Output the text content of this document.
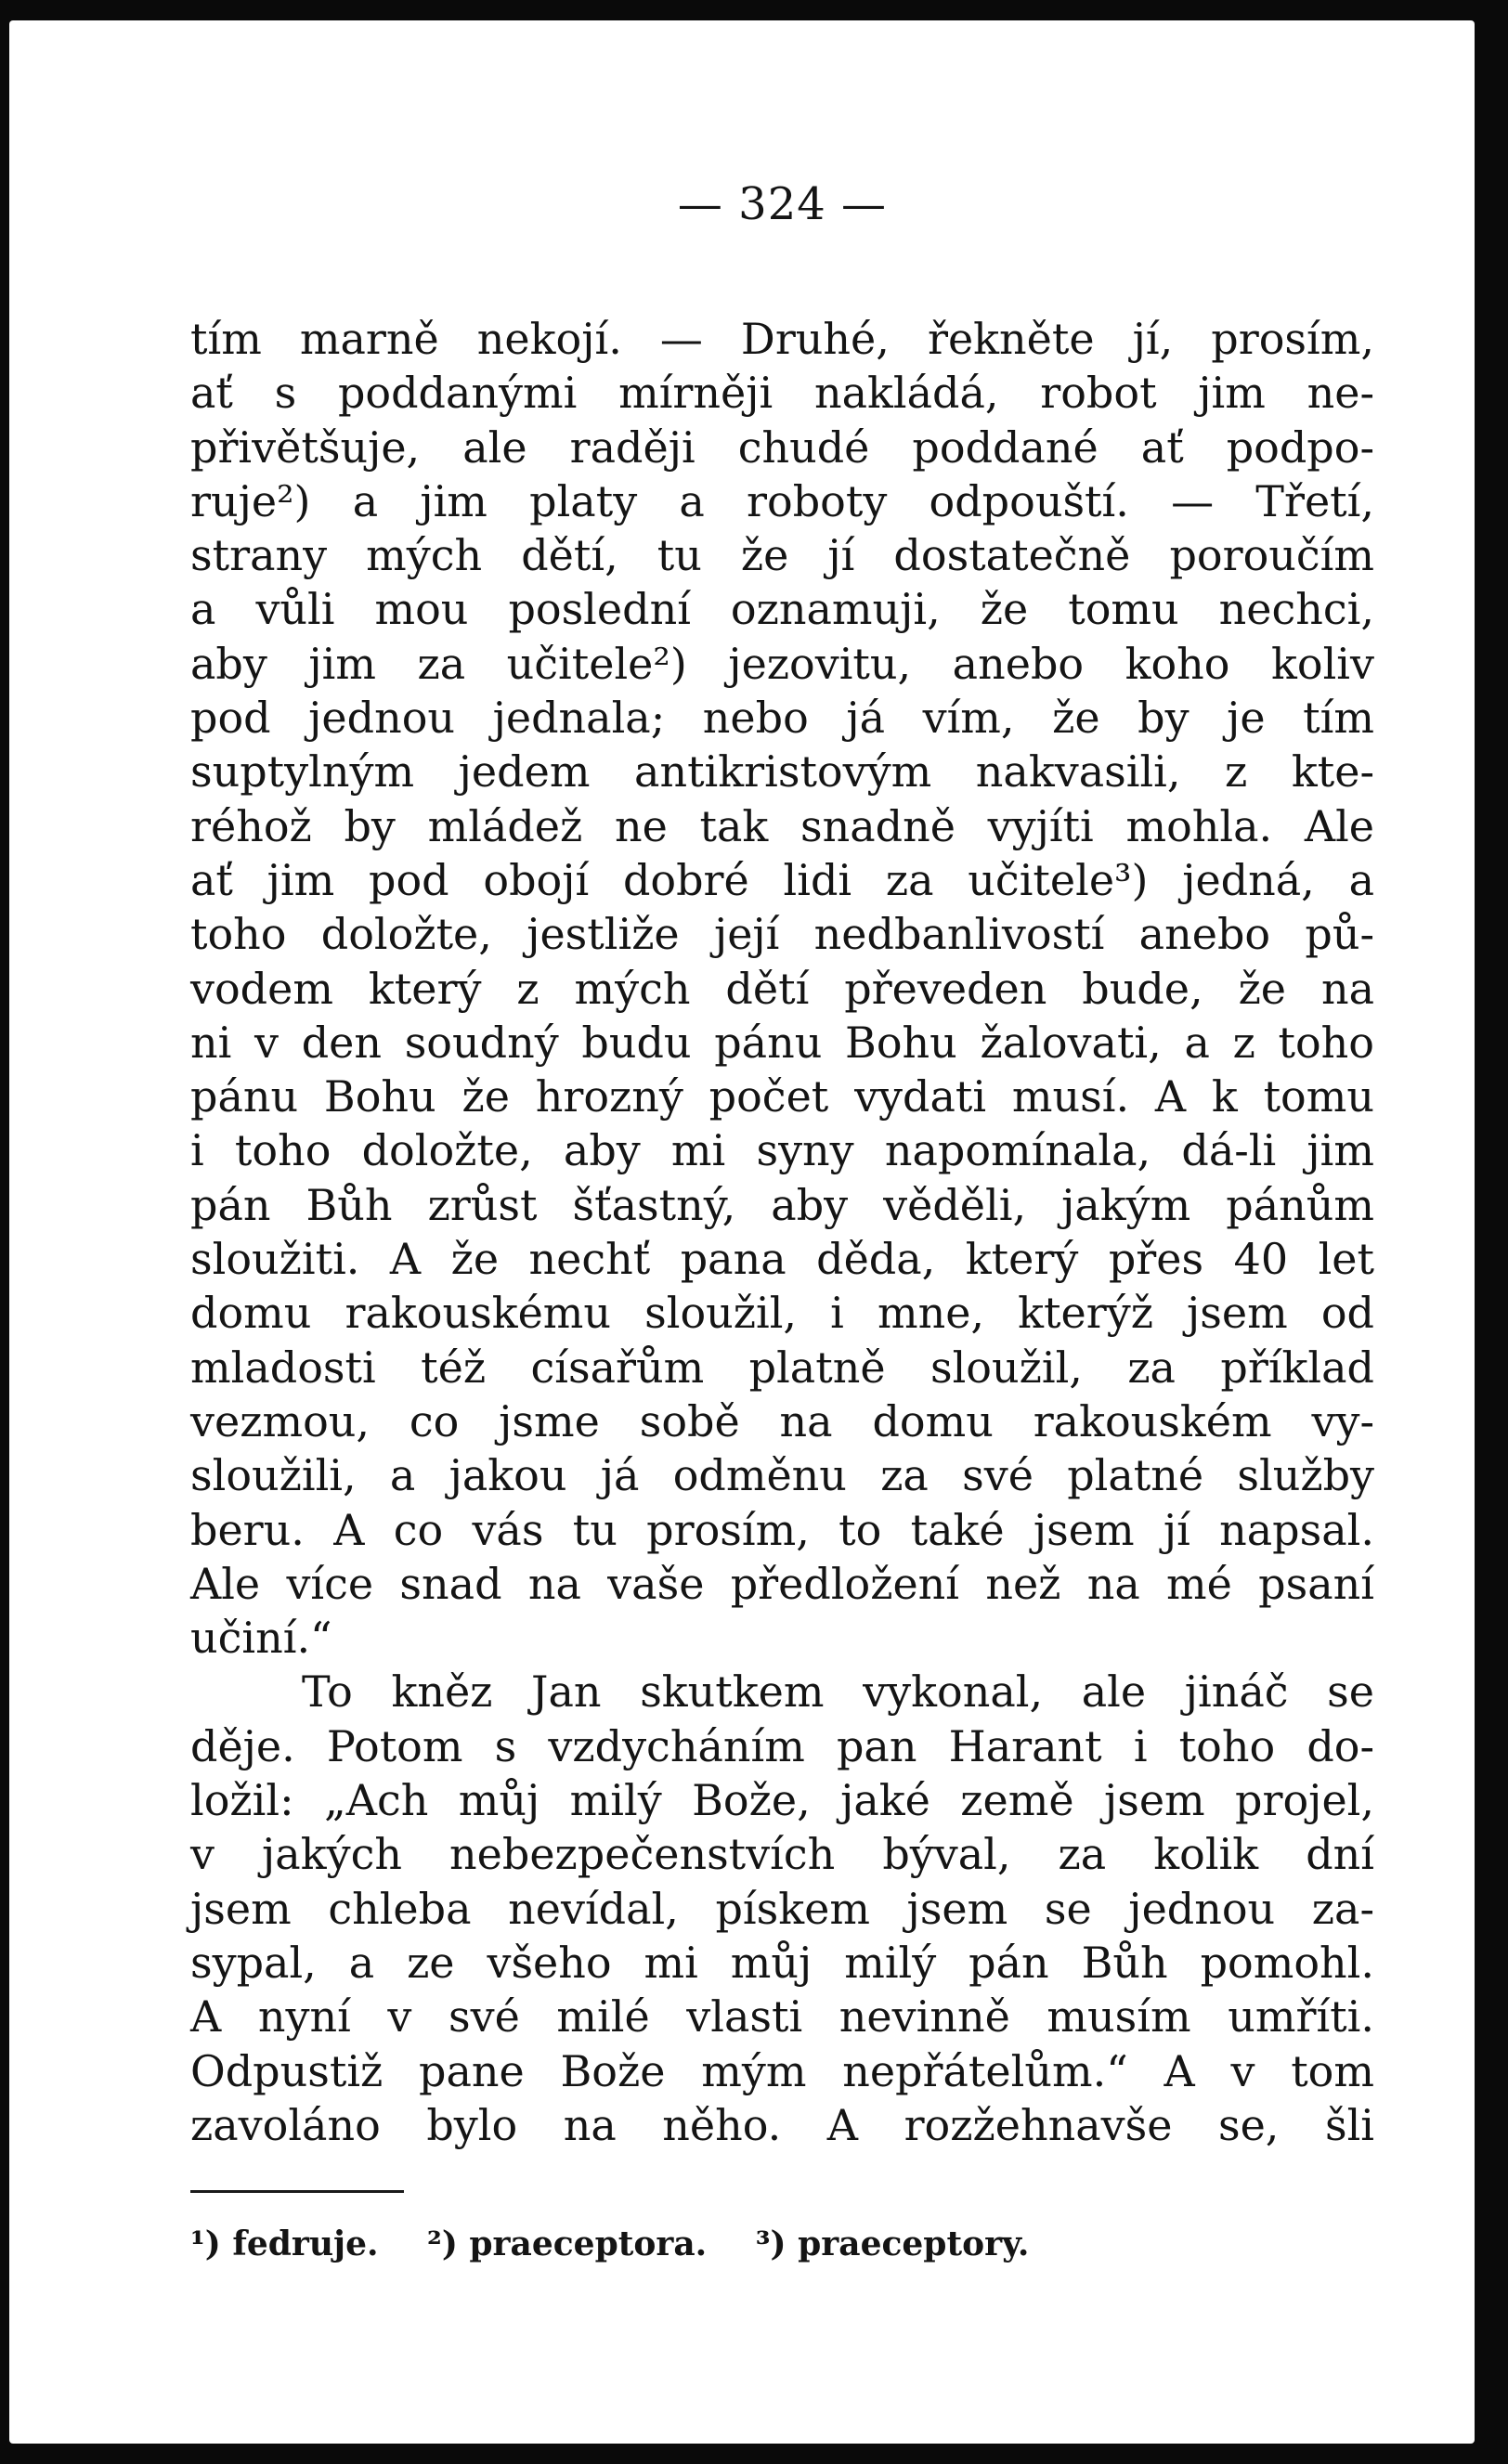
— 324 —
tím marně nekojí. — Druhé, řekněte jí, prosím,
ať s poddanými mírněji nakládá, robot jim ne-
přivětšuje, ale raději chudé poddané ať podpo-
ruje²) a jim platy a roboty odpouští. — Třetí,
strany mých dětí, tu že jí dostatečně poroučím
a vůli mou poslední oznamuji, že tomu nechci,
aby jim za učitele²) jezovitu, anebo koho koliv
pod jednou jednala; nebo já vím, že by je tím
suptylným jedem antikristovým nakvasili, z kte-
réhož by mládež ne tak snadně vyjíti mohla. Ale
ať jim pod obojí dobré lidi za učitele³) jedná, a
toho doložte, jestliže její nedbanlivostí anebo pů-
vodem který z mých dětí převeden bude, že na
ni v den soudný budu pánu Bohu žalovati, a z toho
pánu Bohu že hrozný počet vydati musí. A k tomu
i toho doložte, aby mi syny napomínala, dá-li jim
pán Bůh zrůst šťastný, aby věděli, jakým pánům
sloužiti. A že nechť pana děda, který přes 40 let
domu rakouskému sloužil, i mne, kterýž jsem od
mladosti též císařům platně sloužil, za příklad
vezmou, co jsme sobě na domu rakouském vy-
sloužili, a jakou já odměnu za své platné služby
beru. A co vás tu prosím, to také jsem jí napsal.
Ale více snad na vaše předložení než na mé psaní
učiní.“
To kněz Jan skutkem vykonal, ale jináč se
děje. Potom s vzdycháním pan Harant i toho do-
ložil: „Ach můj milý Bože, jaké země jsem projel,
v jakých nebezpečenstvích býval, za kolik dní
jsem chleba nevídal, pískem jsem se jednou za-
sypal, a ze všeho mi můj milý pán Bůh pomohl.
A nyní v své milé vlasti nevinně musím umříti.
Odpustiž pane Bože mým nepřátelům.“ A v tom
zavoláno bylo na něho. A rozžehnavše se, šli
¹) fedruje. ²) praeceptora. ³) praeceptory.
